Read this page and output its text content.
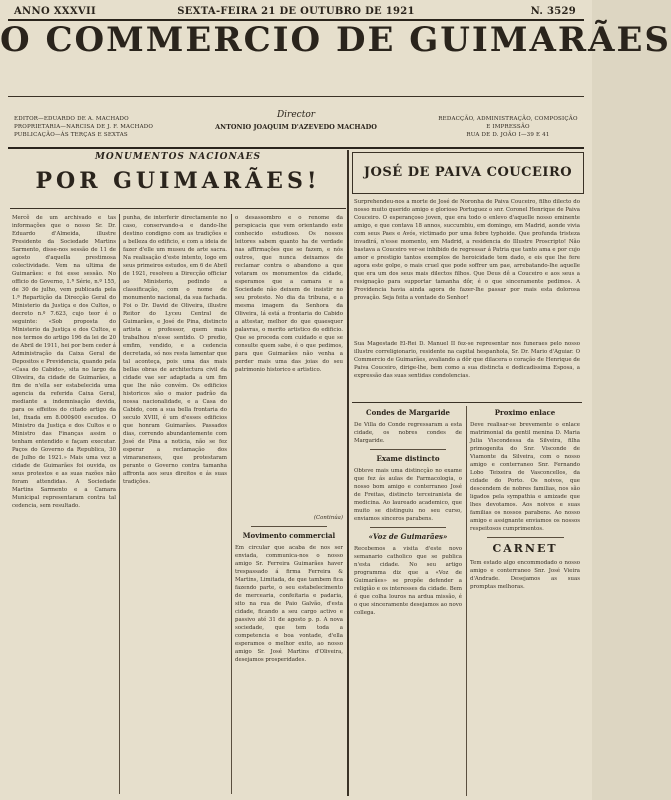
ANNO XXXVII	SEXTA-FEIRA 21 DE OUTUBRO DE 1921	N. 3529
O COMMERCIO DE GUIMARÃES
Director
ANTONIO JOAQUIM D'AZEVEDO MACHADO
EDITOR—EDUARDO DE A. MACHADO
PROPRIETARIA—NARCISA DE J. F. MACHADO
PUBLICAÇÃO—ÁS TERÇAS E SEXTAS
REDACÇÃO, ADMINISTRAÇÃO, COMPOSIÇÃO
E IMPRESSÃO
RUA DE D. JOÃO I—39 E 41
MONUMENTOS NACIONAES
POR GUIMARÃES!
Mercê de um archivado e tas informações que o nosso Sr. Dr. Eduardo d'Almeida, illustre Presidente da Sociedade Martins Sarmento, disse-nos sessão de 11 de agosto d'aquella prestimosa colectividade. Vem na ultima de Guimarães: e foi esse sessão. No officio do Governo, 1.ª Série, n.º 155, de 30 de julho, vem publicada pela 1.ª Repartição da Direcção Geral do Ministerio da Justiça e dos Cultos, o decreto n.º 7.623, cujo teor é o seguinte: «Sob proposta do Ministerio da Justiça e dos Cultos, e nos termos do artigo 196 da lei de 20 de Abril de 1911, hei por bem ceder á Administração da Caixa Geral de Depositos e Previdencia, quando pela «Casa do Cabido», sita no largo da Oliveira, da cidade de Guimarães, a fim de n'ella ser estabelecida uma agencia da referida Caixa Geral, mediante a indemnisação devida, para os effeitos do citado artigo da lei, fixada em 8.000$00 escudos. O Ministro da Justiça e dos Cultos e o Ministro das Finanças assim o tenham entendido e façam executar. Paços do Governo da Republica, 30 de Julho de 1921.» Mais uma vez a cidade de Guimarães foi ouvida, os seus protestos e as suas razões não foram attendidas. A Sociedade Martins Sarmento e a Camara Municipal representaram contra tal cedencia, sem resultado.
punha, de interferir directamente no caso, conservando-a e dando-lhe destino condigno com as tradições e a belleza do edificio, e com a ideia de fazer d'elle um museu de arte sacra. Na realisação d'este intento, logo em seus primeiros estudos, em 6 de Abril de 1921, resolveu a Direcção officiar ao Ministerio, pedindo a classificação, com o nome de monumento nacional, da sua fachada. Foi o Dr. David de Oliveira, illustre Reitor do Lyceu Central de Guimarães, e José de Pina, distincto artista e professor, quem mais trabalhou n'esse sentido. O predio, emfim, vendido, e a cedencia decretada, só nos resta lamentar que tal aconteça, pois uma das mais bellas obras de architectura civil da cidade vae ser adaptada a um fim que lhe não convém. Os edificios historicos são o maior padrão da nossa nacionalidade, e a Casa do Cabido, com a sua bella frontaria do seculo XVIII, é um d'esses edificios que honram Guimarães. Passados dias, correndo abundantemente com José de Pina a noticia, não se fez esperar a reclamação dos vimaranenses, que protestaram perante o Governo contra tamanha affronta aos seus direitos e ás suas tradições.
o desassombro e o renome da perspicacia que vem orientando este conhecido estudioso. Os nossos leitores sabem quanto ha de verdade nas affirmações que se fazem, e nós outros, que nunca deixamos de reclamar contra o abandono a que votaram os monumentos da cidade, esperamos que a camara e a Sociedade não deixem de insistir no seu protesto. No dia da tribuna, e a mesma imagem da Senhora da Oliveira, lá está a frontaria do Cabido a attestar, melhor do que quaesquer palavras, o merito artistico do edificio. Que se proceda com cuidado e que se consulte quem sabe, é o que pedimos, para que Guimarães não venha a perder mais uma das joias do seu patrimonio historico e artistico.
(Continúa)
Movimento commercial
Em circular que acaba de nos ser enviada, communica-nos o nosso amigo Sr. Ferreira Guimarães haver trespassado á firma Ferreira & Martins, Limitada, de que tambem fica fazendo parte, o seu estabelecimento de mercearia, confeitaria e padaria, sito na rua de Paio Galvão, d'esta cidade, ficando a seu cargo activo e passivo até 31 de agosto p. p. A nova sociedade, que tem toda a competencia e boa vontade, d'ella esperamos o melhor exito, ao nosso amigo Sr. José Martins d'Oliveira, desejamos prosperidades.
JOSÉ DE PAIVA COUCEIRO
Surprehendeu-nos a morte de José de Noronha de Paiva Couceiro, filho dilecto do nosso muito querido amigo e glorioso Portuguez o snr. Coronel Henrique de Paiva Couceiro. O esperançoso joven, que era todo o enlevo d'aquelle nosso eminente amigo, e que contava 18 annos, succumbiu, em domingo, em Madrid, aonde vivia com seus Paes e Avós, victimado por uma febre typhoide. Que profunda tristeza invadirá, n'esse momento, em Madrid, a residencia do Illustre Proscripto! Não bastava a Couceiro ver-se inhibido de regressar á Patria que tanto ama e por cujo amor e prestigio tantos exemplos de heroicidade tem dado, e eis que lhe fere agora este golpe, o mais cruel que pode soffrer um pae, arrebatando-lhe aquelle que era um dos seus mais dilectos filhos. Que Deus dê a Couceiro e aos seus a resignação para supportar tamanha dôr, é o que sinceramente pedimos. A Providencia havia ainda agora de fazer-lhe passar por mais esta dolorosa provação. Seja feita a vontade do Senhor!
Sua Magestade El-Rei D. Manuel II fez-se representar nos funeraes pelo nosso illustre correligionario, residente na capital hespanhola, Sr. Dr. Mario d'Aguiar. O Commercio de Guimarães, avaliando a dôr que dilacera o coração de Henrique de Paiva Couceiro, dirige-lhe, bem como a sua distincta e dedicadissima Esposa, a expressão das suas sentidas condolencias.
Condes de Margaride
De Villa do Conde regressaram a esta cidade, os nobres condes de Margaride.
Exame distincto
Obteve mais uma distincção no exame que fez ás aulas de Farmacologia, o nosso bom amigo e conterraneo José de Freitas, distincto terceiranista de medicina. Ao laureado academico, que muito se distinguiu no seu curso, enviamos sinceros parabens.
«Voz de Guimarães»
Recebemos a visita d'este novo semanario catholico que se publica n'esta cidade. No seu artigo programma diz que a «Voz de Guimarães» se propõe defender a religião e os interesses da cidade. Bem é que colha louros na ardua missão, é o que sinceramente desejamos ao novo collega.
Proximo enlace
Deve realisar-se brevemente o enlace matrimonial da gentil menina D. Maria Julia Viscondessa da Silveira, filha primogenita do Snr. Visconde de Viamonte da Silveira, com o nosso amigo e conterraneo Snr. Fernando Lobo Teixeira de Vasconcellos, da cidade do Porto. Os noivos, que descendem de nobres familias, nos são ligados pela sympathia e amizade que lhes devotamos. Aos noivos e suas familias os nossos parabens. Ao nosso amigo e assignante enviamos os nossos respeitosos cumprimentos.
CARNET
Tem estado algo encommodado o nosso amigo e conterraneo Snr. José Vieira d'Andrade. Desejamos as suas promptas melhoras.
